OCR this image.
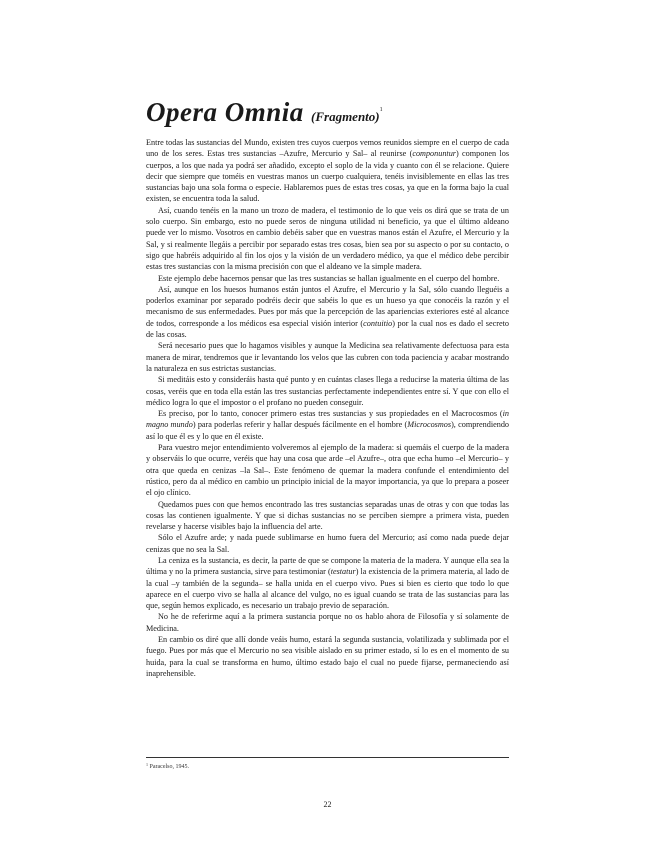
Opera Omnia (Fragmento)$^1$

Entre todas las sustancias del Mundo, existen tres cuyos cuerpos vemos reunidos siempre en el cuerpo de cada uno de los seres. Estas tres sustancias –Azufre, Mercurio y Sal– al reunirse (componuntur) componen los cuerpos, a los que nada ya podrá ser añadido, excepto el soplo de la vida y cuanto con él se relacione. Quiere decir que siempre que toméis en vuestras manos un cuerpo cualquiera, tenéis invisiblemente en ellas las tres sustancias bajo una sola forma o especie. Hablaremos pues de estas tres cosas, ya que en la forma bajo la cual existen, se encuentra toda la salud.

Así, cuando tenéis en la mano un trozo de madera, el testimonio de lo que veis os dirá que se trata de un solo cuerpo. Sin embargo, esto no puede seros de ninguna utilidad ni beneficio, ya que el último aldeano puede ver lo mismo. Vosotros en cambio debéis saber que en vuestras manos están el Azufre, el Mercurio y la Sal, y si realmente llegáis a percibir por separado estas tres cosas, bien sea por su aspecto o por su contacto, o sigo que habréis adquirido al fin los ojos y la visión de un verdadero médico, ya que el médico debe percibir estas tres sustancias con la misma precisión con que el aldeano ve la simple madera.

Este ejemplo debe hacernos pensar que las tres sustancias se hallan igualmente en el cuerpo del hombre.

Así, aunque en los huesos humanos están juntos el Azufre, el Mercurio y la Sal, sólo cuando lleguéis a poderlos examinar por separado podréis decir que sabéis lo que es un hueso ya que conocéis la razón y el mecanismo de sus enfermedades. Pues por más que la percepción de las apariencias exteriores esté al alcance de todos, corresponde a los médicos esa especial visión interior (contuitio) por la cual nos es dado el secreto de las cosas.

Será necesario pues que lo hagamos visibles y aunque la Medicina sea relativamente defectuosa para esta manera de mirar, tendremos que ir levantando los velos que las cubren con toda paciencia y acabar mostrando la naturaleza en sus estrictas sustancias.

Si meditáis esto y consideráis hasta qué punto y en cuántas clases llega a reducirse la materia última de las cosas, veréis que en toda ella están las tres sustancias perfectamente independientes entre sí. Y que con ello el médico logra lo que el impostor o el profano no pueden conseguir.

Es preciso, por lo tanto, conocer primero estas tres sustancias y sus propiedades en el Macrocosmos (in magno mundo) para poderlas referir y hallar después fácilmente en el hombre (Microcosmos), comprendiendo así lo que él es y lo que en él existe.

Para vuestro mejor entendimiento volveremos al ejemplo de la madera: si quemáis el cuerpo de la madera y observáis lo que ocurre, veréis que hay una cosa que arde –el Azufre–, otra que echa humo –el Mercurio– y otra que queda en cenizas –la Sal–. Este fenómeno de quemar la madera confunde el entendimiento del rústico, pero da al médico en cambio un principio inicial de la mayor importancia, ya que lo prepara a poseer el ojo clínico.

Quedamos pues con que hemos encontrado las tres sustancias separadas unas de otras y con que todas las cosas las contienen igualmente. Y que si dichas sustancias no se perciben siempre a primera vista, pueden revelarse y hacerse visibles bajo la influencia del arte.

Sólo el Azufre arde; y nada puede sublimarse en humo fuera del Mercurio; así como nada puede dejar cenizas que no sea la Sal.

La ceniza es la sustancia, es decir, la parte de que se compone la materia de la madera. Y aunque ella sea la última y no la primera sustancia, sirve para testimoniar (testatur) la existencia de la primera materia, al lado de la cual –y también de la segunda– se halla unida en el cuerpo vivo. Pues si bien es cierto que todo lo que aparece en el cuerpo vivo se halla al alcance del vulgo, no es igual cuando se trata de las sustancias para las que, según hemos explicado, es necesario un trabajo previo de separación.

No he de referirme aquí a la primera sustancia porque no os hablo ahora de Filosofía y sí solamente de Medicina.

En cambio os diré que allí donde veáis humo, estará la segunda sustancia, volatilizada y sublimada por el fuego. Pues por más que el Mercurio no sea visible aislado en su primer estado, sí lo es en el momento de su huida, para la cual se transforma en humo, último estado bajo el cual no puede fijarse, permaneciendo así inaprehensible.

$^1$ Paracelso, 1945.
22
